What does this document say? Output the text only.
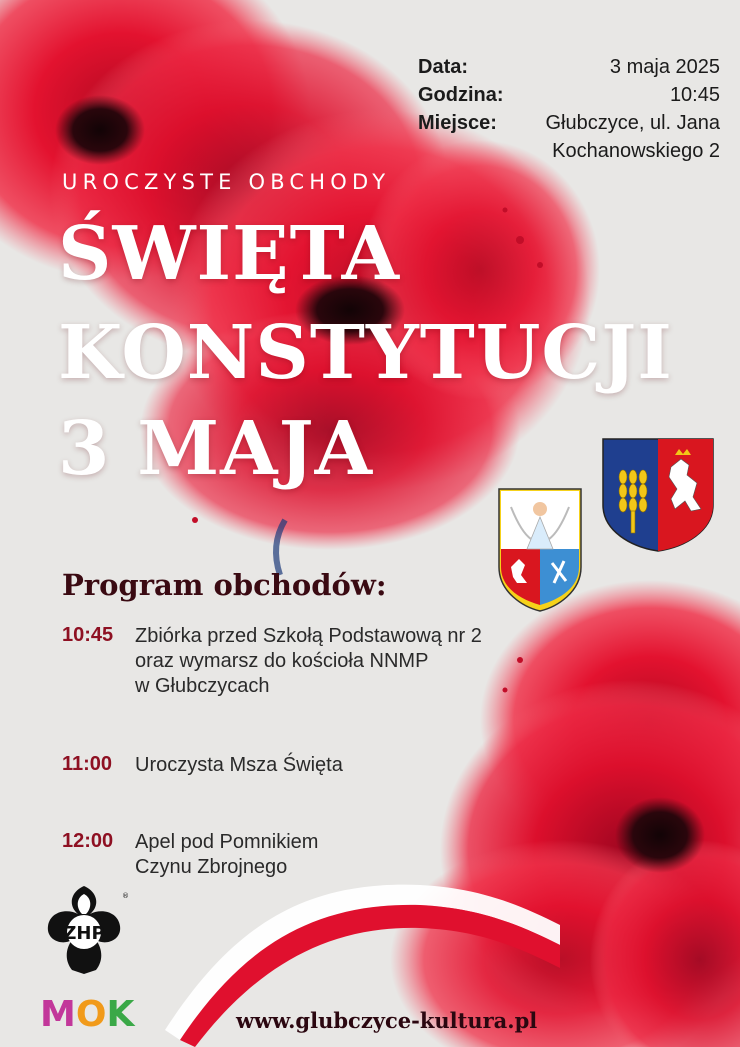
Data:	3 maja 2025
Godzina:	10:45
Miejsce: Głubczyce, ul. Jana
Kochanowskiego 2
UROCZYSTE OBCHODY
ŚWIĘTA
KONSTYTUCJI
3 MAJA
Program obchodów:
10:45 Zbiórka przed Szkołą Podstawową nr 2
oraz wymarsz do kościoła NNMP
w Głubczycach
11:00 Uroczysta Msza Święta
12:00 Apel pod Pomnikiem
Czynu Zbrojnego
ZHP
®
MOK	www.glubczyce-kultura.pl
